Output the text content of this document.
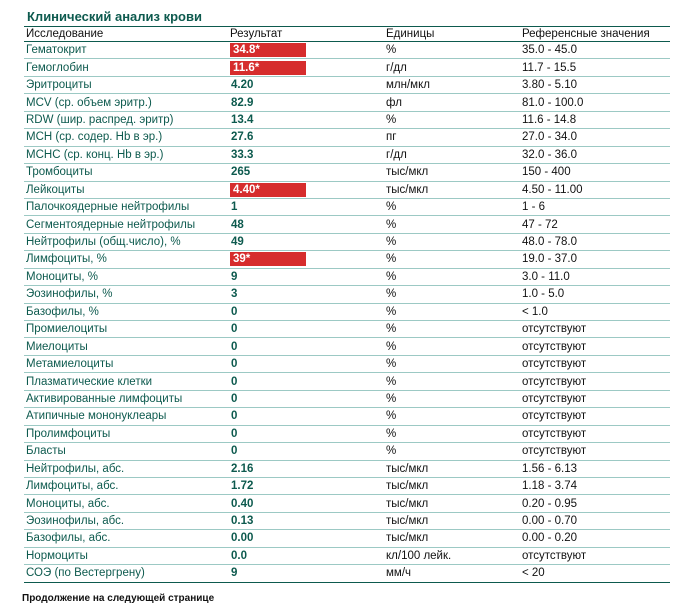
Клинический анализ крови
Исследование	Результат	Единицы	Референсные значения
Гематокрит	34.8*	%	35.0 - 45.0
Гемоглобин	11.6*	г/дл	11.7 - 15.5
Эритроциты	4.20	млн/мкл	3.80 - 5.10
MCV (ср. объем эритр.)	82.9	фл	81.0 - 100.0
RDW (шир. распред. эритр)	13.4	%	11.6 - 14.8
MCH (ср. содер. Hb в эр.)	27.6	пг	27.0 - 34.0
MCHC (ср. конц. Hb в эр.)	33.3	г/дл	32.0 - 36.0
Тромбоциты	265	тыс/мкл	150 - 400
Лейкоциты	4.40*	тыс/мкл	4.50 - 11.00
Палочкоядерные нейтрофилы	1	%	1 - 6
Сегментоядерные нейтрофилы	48	%	47 - 72
Нейтрофилы (общ.число), %	49	%	48.0 - 78.0
Лимфоциты, %	39*	%	19.0 - 37.0
Моноциты, %	9	%	3.0 - 11.0
Эозинофилы, %	3	%	1.0 - 5.0
Базофилы, %	0	%	< 1.0
Промиелоциты	0	%	отсутствуют
Миелоциты	0	%	отсутствуют
Метамиелоциты	0	%	отсутствуют
Плазматические клетки	0	%	отсутствуют
Активированные лимфоциты	0	%	отсутствуют
Атипичные мононуклеары	0	%	отсутствуют
Пролимфоциты	0	%	отсутствуют
Бласты	0	%	отсутствуют
Нейтрофилы, абс.	2.16	тыс/мкл	1.56 - 6.13
Лимфоциты, абс.	1.72	тыс/мкл	1.18 - 3.74
Моноциты, абс.	0.40	тыс/мкл	0.20 - 0.95
Эозинофилы, абс.	0.13	тыс/мкл	0.00 - 0.70
Базофилы, абс.	0.00	тыс/мкл	0.00 - 0.20
Нормоциты	0.0	кл/100 лейк.	отсутствуют
СОЭ (по Вестергрену)	9	мм/ч	< 20
Продолжение на следующей странице
